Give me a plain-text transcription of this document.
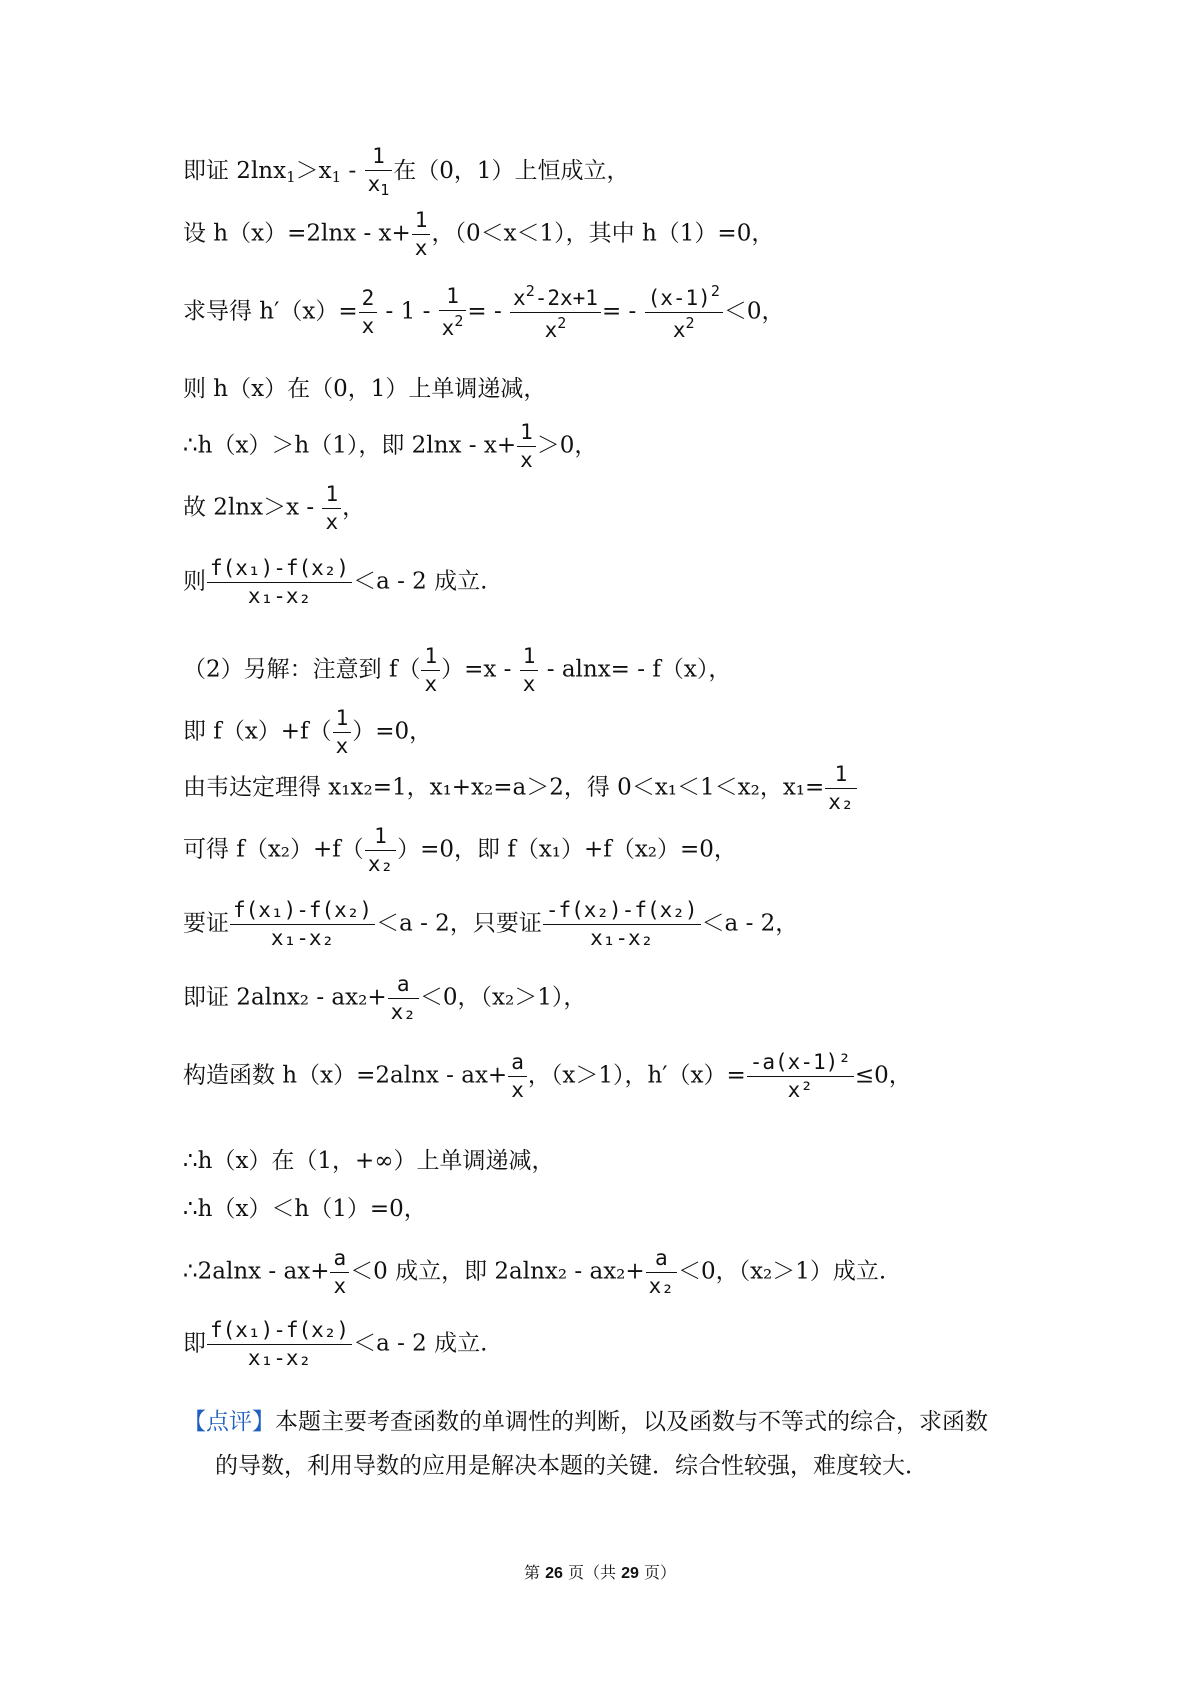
即证 $2\ln x_1>x_1 - \frac{1}{x_1}$ 在（0，1）上恒成立，
设 $h(x)=2\ln x - x+ \frac{1}{x}$ ，（0＜x＜1），其中 h（1）=0，
求导得 $h'(x)= \frac{2}{x} - 1 - \frac{1}{x^2}$ = - $\frac{x^2-2x+1}{x^2}$ = - $\frac{(x-1)^2}{x^2} <0$，
则 h（x）在（0，1）上单调递减，
∴h（x）＞h（1），即 $2\ln x - x+ \frac{1}{x} >0$，
故 $2\ln x>x - \frac{1}{x}$ ，
则 $\frac{\text{f(x₁)-f(x₂)}}{\text{x₁-x₂}} <a - 2$ 成立.
（2）另解：注意到 $f( \frac{1}{x} )=x - \frac{1}{x} - alnx= - f(x)$，
即 $f(x)+f( \frac{1}{x} )=0$，
由韦达定理得 x₁x₂=1，x₁+x₂=a＞2，得 0＜x₁＜1＜x₂，$x_1= \frac{1}{\text{x₂}}$
可得 $f(x_2)+f( \frac{1}{\text{x₂}} )=0$，即 f（x₁）+f（x₂）=0，
要证 $\frac{\text{f(x₁)-f(x₂)}}{\text{x₁-x₂}} <a - 2$，只要证 $\frac{\text{-f(x₂)-f(x₂)}}{\text{x₁-x₂}} <a - 2$，
即证 $2alnx_2 - ax_2+ \frac{a}{\text{x₂}} <0$，（x₂＞1），
构造函数 $h(x)=2alnx - ax+ \frac{a}{x}$ ，（x＞1），$h'(x)= \frac{\text{-a(x-1)²}}{\text{x²}} \le 0$，
∴h（x）在（1，+∞）上单调递减，
∴h（x）＜h（1）=0，
∴2alnx - $ax+ \frac{a}{x} <0$ 成立，即 $2alnx_2 - ax_2+ \frac{a}{\text{x₂}} <0$，（x₂＞1）成立.
即 $\frac{\text{f(x₁)-f(x₂)}}{\text{x₁-x₂}} <a - 2$ 成立.
【点评】本题主要考查函数的单调性的判断，以及函数与不等式的综合，求函数
的导数，利用导数的应用是解决本题的关键．综合性较强，难度较大．
第 26 页（共 29 页）
